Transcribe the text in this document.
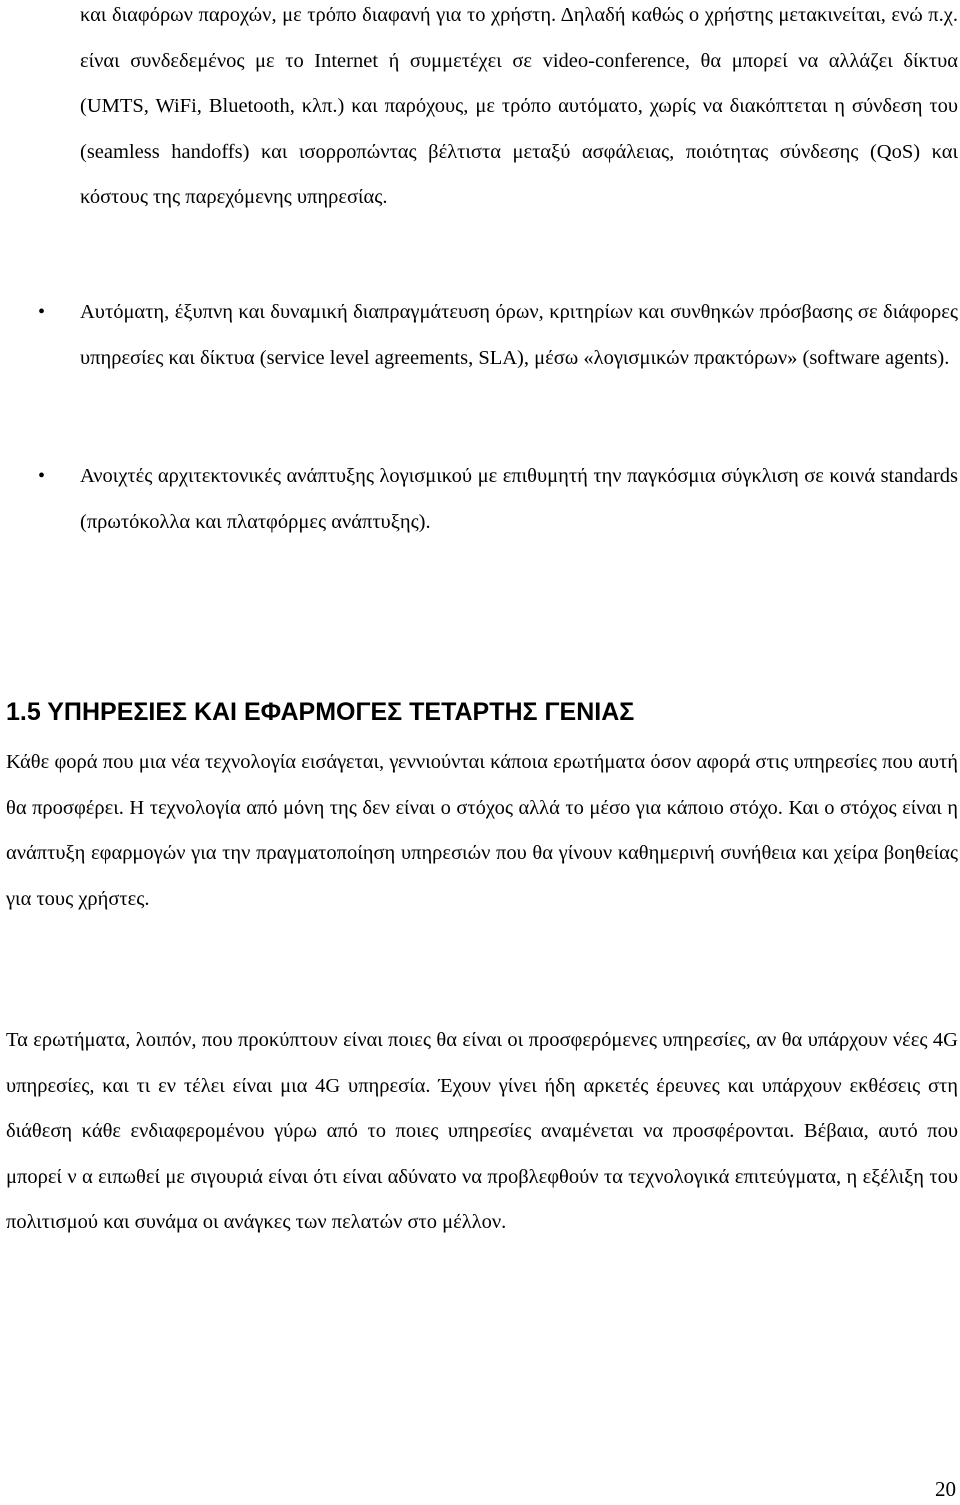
και διαφόρων παροχών, με τρόπο διαφανή για το χρήστη. Δηλαδή καθώς ο χρήστης μετακινείται, ενώ π.χ. είναι συνδεδεμένος με το Internet ή συμμετέχει σε video-conference, θα μπορεί να αλλάζει δίκτυα (UMTS, WiFi, Bluetooth, κλπ.) και παρόχους, με τρόπο αυτόματο, χωρίς να διακόπτεται η σύνδεση του (seamless handoffs) και ισορροπώντας βέλτιστα μεταξύ ασφάλειας, ποιότητας σύνδεσης (QoS) και κόστους της παρεχόμενης υπηρεσίας.

• Αυτόματη, έξυπνη και δυναμική διαπραγμάτευση όρων, κριτηρίων και συνθηκών πρόσβασης σε διάφορες υπηρεσίες και δίκτυα (service level agreements, SLA), μέσω «λογισμικών πρακτόρων» (software agents).

• Ανοιχτές αρχιτεκτονικές ανάπτυξης λογισμικού με επιθυμητή την παγκόσμια σύγκλιση σε κοινά standards (πρωτόκολλα και πλατφόρμες ανάπτυξης).

1.5 ΥΠΗΡΕΣΙΕΣ ΚΑΙ ΕΦΑΡΜΟΓΕΣ ΤΕΤΑΡΤΗΣ ΓΕΝΙΑΣ

Κάθε φορά που μια νέα τεχνολογία εισάγεται, γεννιούνται κάποια ερωτήματα όσον αφορά στις υπηρεσίες που αυτή θα προσφέρει. Η τεχνολογία από μόνη της δεν είναι ο στόχος αλλά το μέσο για κάποιο στόχο. Και ο στόχος είναι η ανάπτυξη εφαρμογών για την πραγματοποίηση υπηρεσιών που θα γίνουν καθημερινή συνήθεια και χείρα βοηθείας για τους χρήστες.

Τα ερωτήματα, λοιπόν, που προκύπτουν είναι ποιες θα είναι οι προσφερόμενες υπηρεσίες, αν θα υπάρχουν νέες 4G υπηρεσίες, και τι εν τέλει είναι μια 4G υπηρεσία. Έχουν γίνει ήδη αρκετές έρευνες και υπάρχουν εκθέσεις στη διάθεση κάθε ενδιαφερομένου γύρω από το ποιες υπηρεσίες αναμένεται να προσφέρονται. Βέβαια, αυτό που μπορεί ν α ειπωθεί με σιγουριά είναι ότι είναι αδύνατο να προβλεφθούν τα τεχνολογικά επιτεύγματα, η εξέλιξη του πολιτισμού και συνάμα οι ανάγκες των πελατών στο μέλλον.

20
